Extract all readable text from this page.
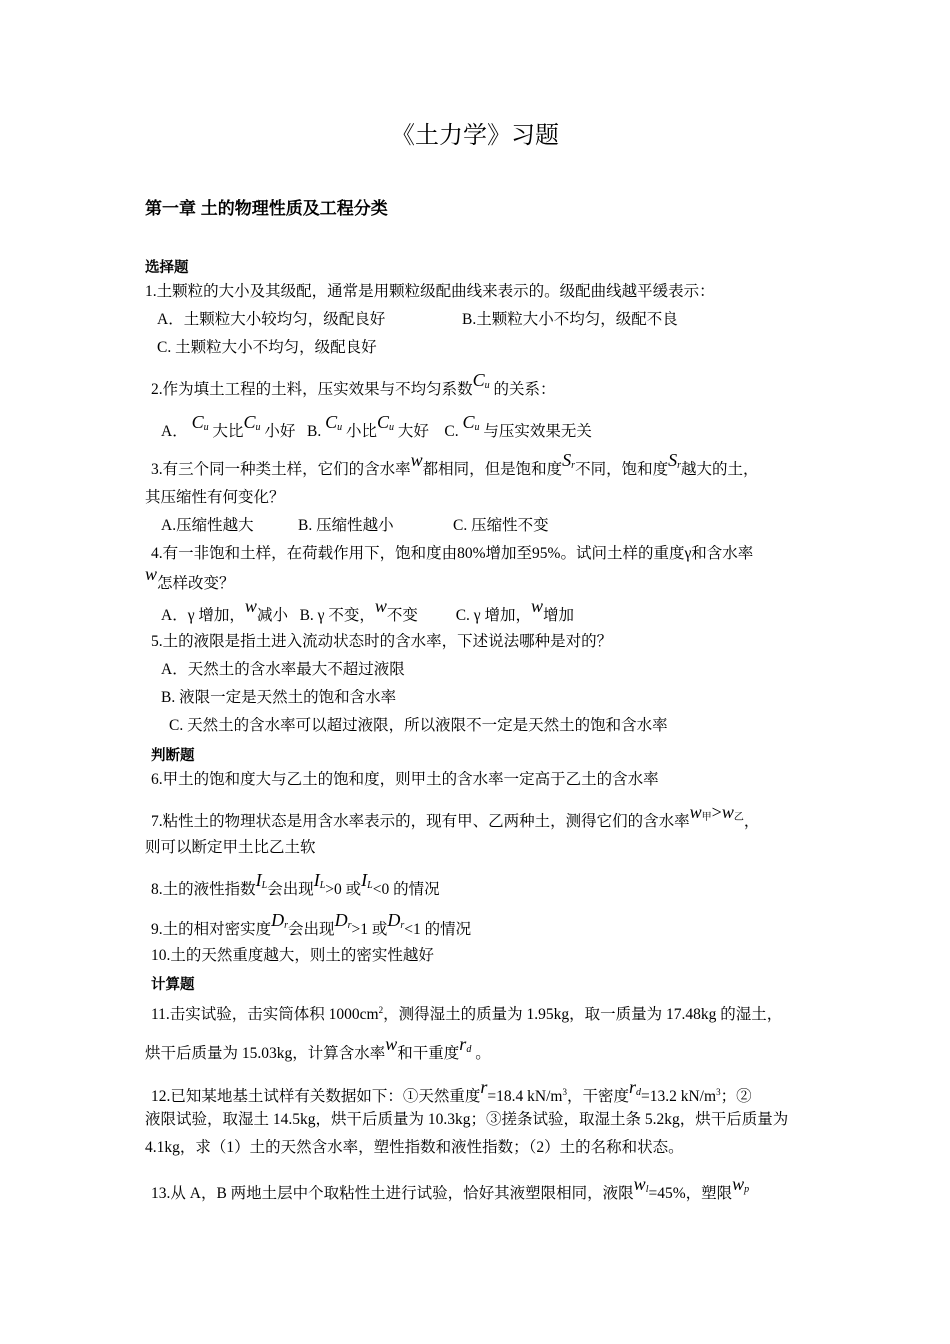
《土力学》习题
第一章 土的物理性质及工程分类
选择题
1.土颗粒的大小及其级配，通常是用颗粒级配曲线来表示的。级配曲线越平缓表示：
A．土颗粒大小较均匀，级配良好	B.土颗粒大小不均匀，级配不良
C. 土颗粒大小不均匀，级配良好
2.作为填土工程的土料，压实效果与不均匀系数Cu 的关系：
A． Cu 大比Cu 小好 B. Cu 小比Cu 大好 C. Cu 与压实效果无关
3.有三个同一种类土样，它们的含水率w都相同，但是饱和度Sr不同，饱和度Sr越大的土，
其压缩性有何变化？
A.压缩性越大	B. 压缩性越小	C. 压缩性不变
4.有一非饱和土样，在荷载作用下，饱和度由80%增加至95%。试问土样的重度γ和含水率
w怎样改变？
A．γ 增加，w减小 B. γ 不变，w不变 C. γ 增加，w增加
5.土的液限是指土进入流动状态时的含水率，下述说法哪种是对的？
A．天然土的含水率最大不超过液限
B. 液限一定是天然土的饱和含水率
C. 天然土的含水率可以超过液限，所以液限不一定是天然土的饱和含水率
判断题
6.甲土的饱和度大与乙土的饱和度，则甲土的含水率一定高于乙土的含水率
7.粘性土的物理状态是用含水率表示的，现有甲、乙两种土，测得它们的含水率w甲>w乙，
则可以断定甲土比乙土软
8.土的液性指数IL会出现IL>0 或IL<0 的情况
9.土的相对密实度Dr会出现Dr>1 或Dr<1 的情况
10.土的天然重度越大，则土的密实性越好
计算题
11.击实试验，击实筒体积 $1000cm^2$，测得湿土的质量为 1.95kg，取一质量为 17.48kg 的湿土，
烘干后质量为 15.03kg，计算含水率w和干重度rd 。
12.已知某地基土试样有关数据如下：①天然重度r=18.4 $kN/m^3$，干密度rd=13.2 $kN/m^3$；②
液限试验，取湿土 14.5kg，烘干后质量为 10.3kg；③搓条试验，取湿土条 5.2kg，烘干后质量为
4.1kg，求（1）土的天然含水率，塑性指数和液性指数；（2）土的名称和状态。
13.从 A，B 两地土层中个取粘性土进行试验，恰好其液塑限相同，液限wl=45%，塑限wp
